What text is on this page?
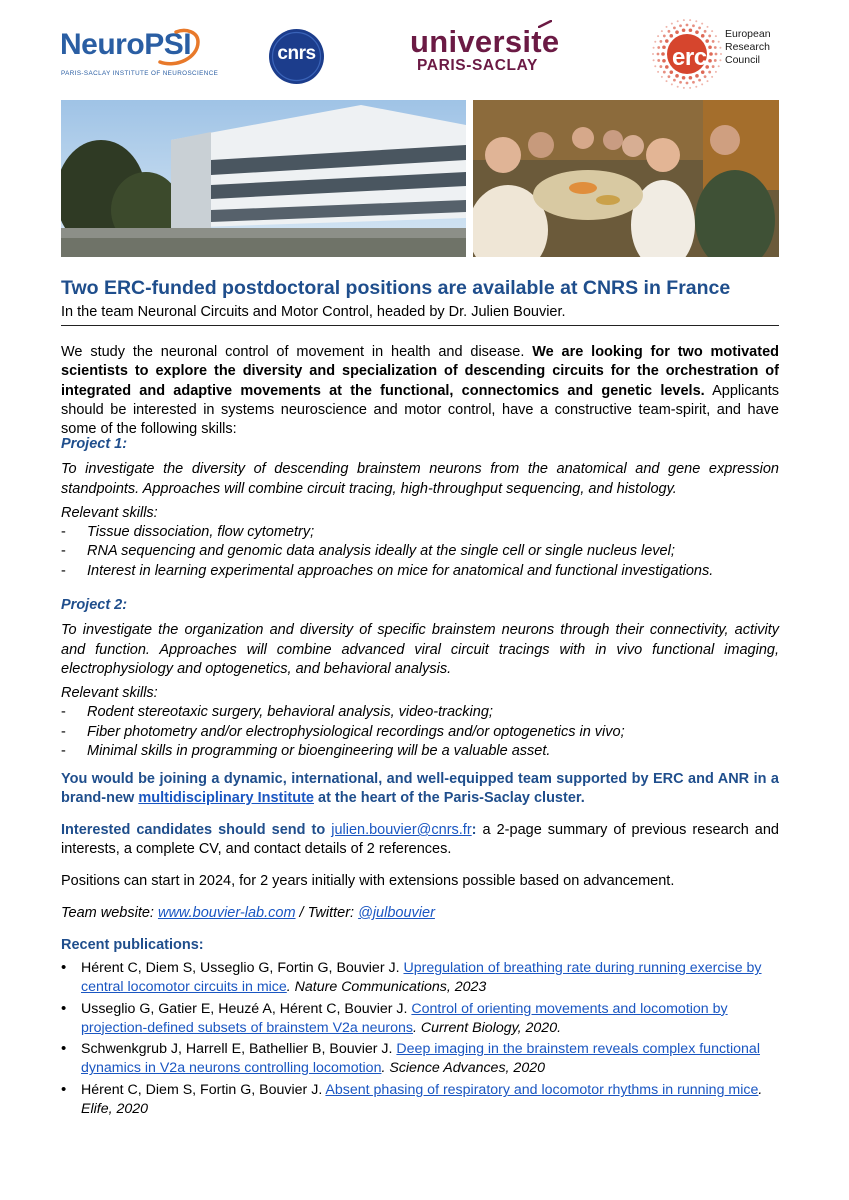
NeuroPSI
PARIS-SACLAY INSTITUTE OF NEUROSCIENCE
cnrs	universite
PARIS-SACLAY	erc
European
Research
Council
Two ERC-funded postdoctoral positions are available at CNRS in France
In the team Neuronal Circuits and Motor Control, headed by Dr. Julien Bouvier.

We study the neuronal control of movement in health and disease. We are looking for two motivated scientists to explore the diversity and specialization of descending circuits for the orchestration of integrated and adaptive movements at the functional, connectomics and genetic levels. Applicants should be interested in systems neuroscience and motor control, have a constructive team-spirit, and have some of the following skills:

Project 1:

To investigate the diversity of descending brainstem neurons from the anatomical and gene expression standpoints. Approaches will combine circuit tracing, high-throughput sequencing, and histology.

Relevant skills:
- Tissue dissociation, flow cytometry;
- RNA sequencing and genomic data analysis ideally at the single cell or single nucleus level;
- Interest in learning experimental approaches on mice for anatomical and functional investigations.
Project 2:

To investigate the organization and diversity of specific brainstem neurons through their connectivity, activity and function. Approaches will combine advanced viral circuit tracings with in vivo functional imaging, electrophysiology and optogenetics, and behavioral analysis.

Relevant skills:
- Rodent stereotaxic surgery, behavioral analysis, video-tracking;
- Fiber photometry and/or electrophysiological recordings and/or optogenetics in vivo;
- Minimal skills in programming or bioengineering will be a valuable asset.

You would be joining a dynamic, international, and well-equipped team supported by ERC and ANR in a brand-new multidisciplinary Institute at the heart of the Paris-Saclay cluster.

Interested candidates should send to julien.bouvier@cnrs.fr: a 2-page summary of previous research and interests, a complete CV, and contact details of 2 references.

Positions can start in 2024, for 2 years initially with extensions possible based on advancement.

Team website: www.bouvier-lab.com / Twitter: @julbouvier

Recent publications:
• Hérent C, Diem S, Usseglio G, Fortin G, Bouvier J. Upregulation of breathing rate during running exercise by central locomotor circuits in mice. Nature Communications, 2023
• Usseglio G, Gatier E, Heuzé A, Hérent C, Bouvier J. Control of orienting movements and locomotion by projection-defined subsets of brainstem V2a neurons. Current Biology, 2020.
• Schwenkgrub J, Harrell E, Bathellier B, Bouvier J. Deep imaging in the brainstem reveals complex functional dynamics in V2a neurons controlling locomotion. Science Advances, 2020
• Hérent C, Diem S, Fortin G, Bouvier J. Absent phasing of respiratory and locomotor rhythms in running mice. Elife, 2020
